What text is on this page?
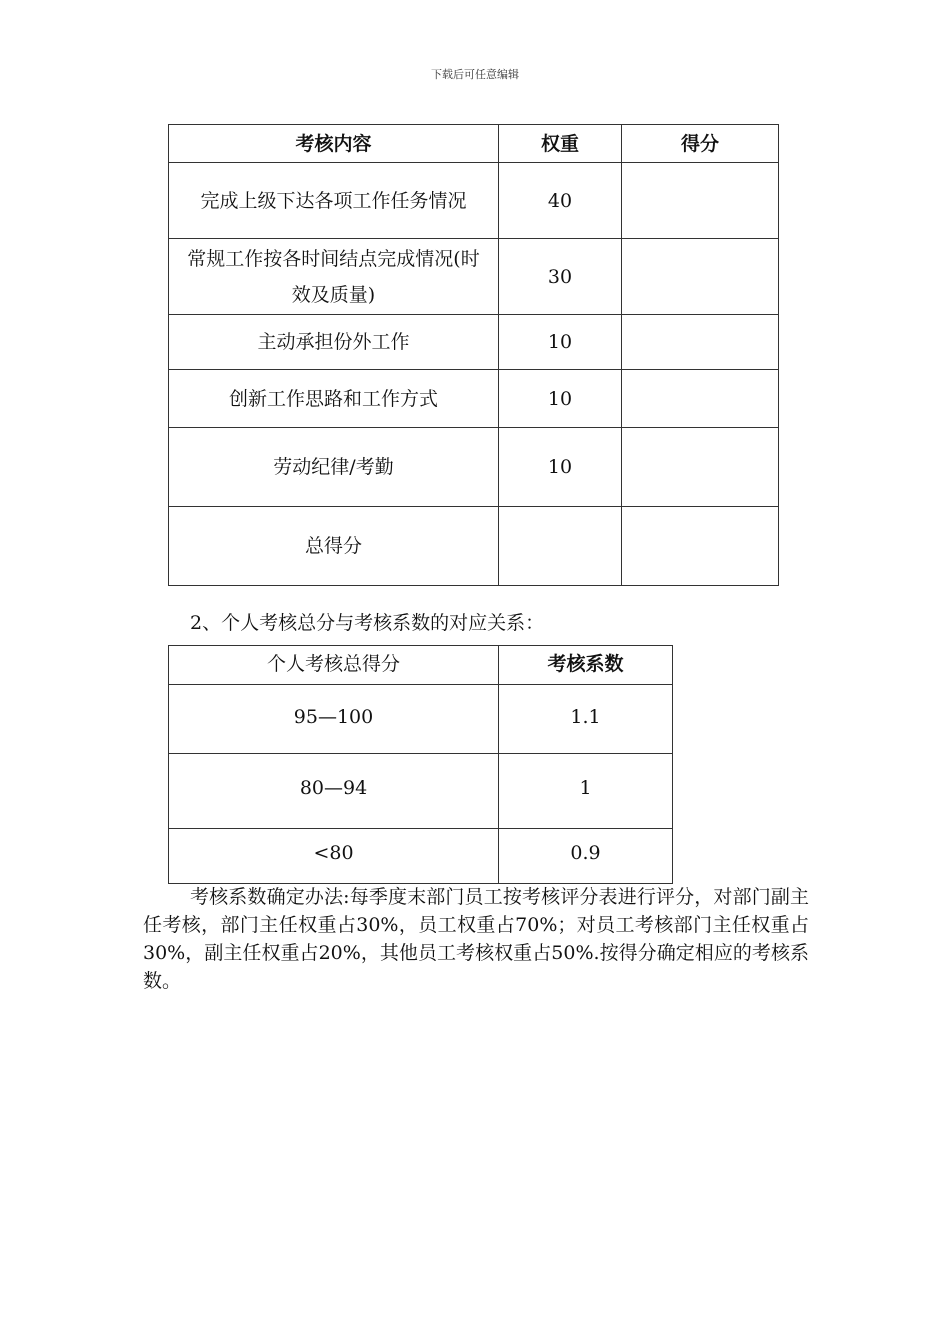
下载后可任意编辑
考核内容	权重	得分
完成上级下达各项工作任务情况	40	
常规工作按各时间结点完成情况(时效及质量)	30	
主动承担份外工作	10	
创新工作思路和工作方式	10	
劳动纪律/考勤	10	
总得分		
2、个人考核总分与考核系数的对应关系：
个人考核总得分	考核系数
95—100	1.1
80—94	1
<80	0.9

考核系数确定办法:每季度末部门员工按考核评分表进行评分，对部门副主任考核，部门主任权重占30%，员工权重占70%；对员工考核部门主任权重占30%，副主任权重占20%，其他员工考核权重占50%.按得分确定相应的考核系数。
